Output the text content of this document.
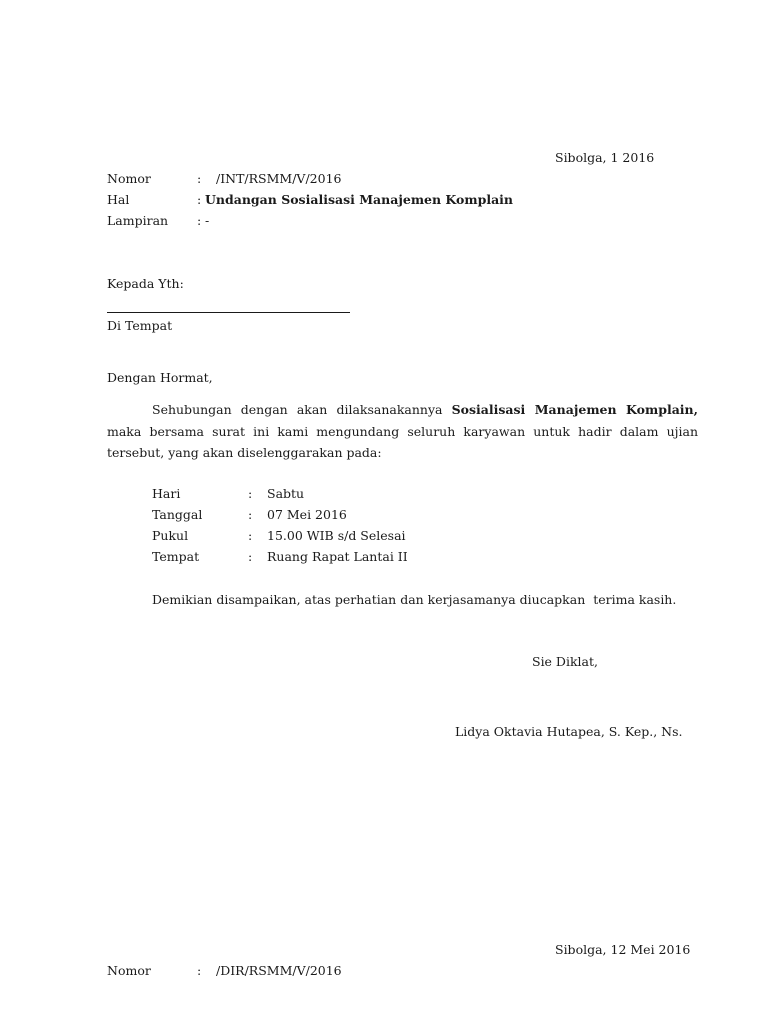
Sibolga, 1 2016
Nomor	: /INT/RSMM/V/2016
Hal	: Undangan Sosialisasi Manajemen Komplain
Lampiran : -
Kepada Yth:
Di Tempat
Dengan Hormat,
Sehubungan dengan akan dilaksanakannya Sosialisasi Manajemen Komplain, maka bersama surat ini kami mengundang seluruh karyawan untuk hadir dalam ujian tersebut, yang akan diselenggarakan pada:
Hari	: Sabtu
Tanggal	: 07 Mei 2016
Pukul	: 15.00 WIB s/d Selesai
Tempat	: Ruang Rapat Lantai II
Demikian disampaikan, atas perhatian dan kerjasamanya diucapkan  terima kasih.
Sie Diklat,
Lidya Oktavia Hutapea, S. Kep., Ns.
Sibolga, 12 Mei 2016
Nomor	: /DIR/RSMM/V/2016
